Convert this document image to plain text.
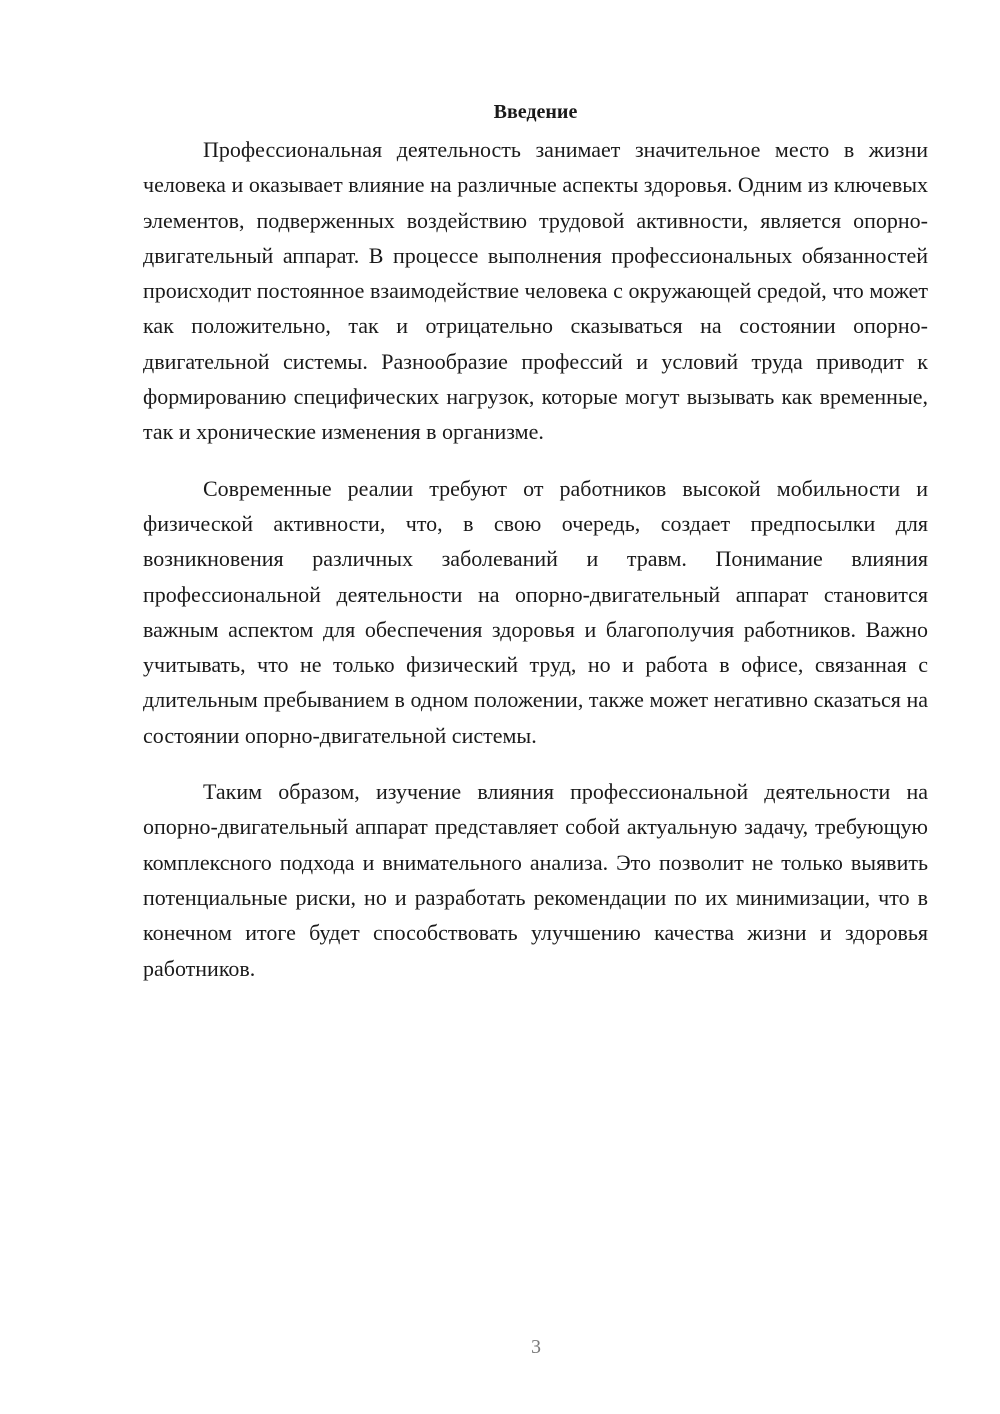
Введение

Профессиональная деятельность занимает значительное место в жизни человека и оказывает влияние на различные аспекты здоровья. Одним из ключевых элементов, подверженных воздействию трудовой активности, является опорно-двигательный аппарат. В процессе выполнения профессиональных обязанностей происходит постоянное взаимодействие человека с окружающей средой, что может как положительно, так и отрицательно сказываться на состоянии опорно-двигательной системы. Разнообразие профессий и условий труда приводит к формированию специфических нагрузок, которые могут вызывать как временные, так и хронические изменения в организме.

Современные реалии требуют от работников высокой мобильности и физической активности, что, в свою очередь, создает предпосылки для возникновения различных заболеваний и травм. Понимание влияния профессиональной деятельности на опорно-двигательный аппарат становится важным аспектом для обеспечения здоровья и благополучия работников. Важно учитывать, что не только физический труд, но и работа в офисе, связанная с длительным пребыванием в одном положении, также может негативно сказаться на состоянии опорно-двигательной системы.

Таким образом, изучение влияния профессиональной деятельности на опорно-двигательный аппарат представляет собой актуальную задачу, требующую комплексного подхода и внимательного анализа. Это позволит не только выявить потенциальные риски, но и разработать рекомендации по их минимизации, что в конечном итоге будет способствовать улучшению качества жизни и здоровья работников.

3
